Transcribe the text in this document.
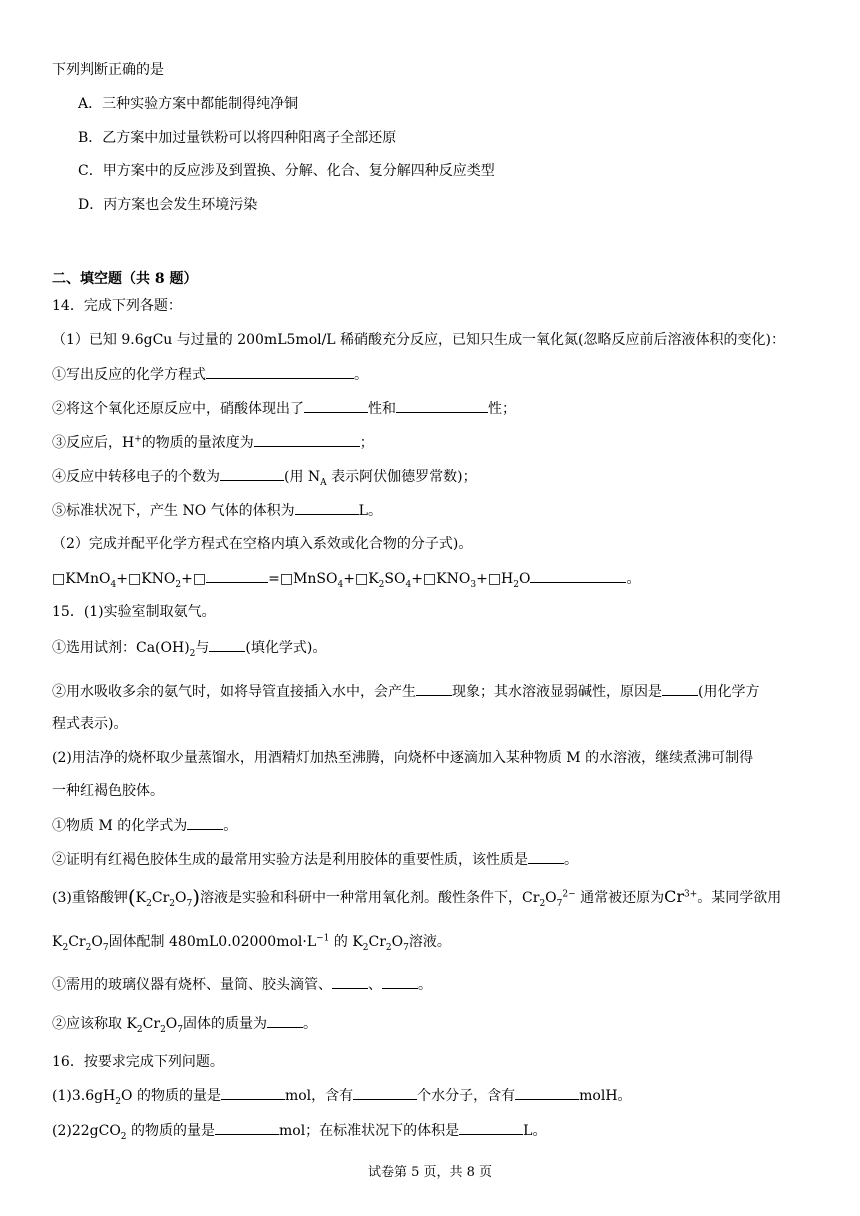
下列判断正确的是
A．三种实验方案中都能制得纯净铜
B．乙方案中加过量铁粉可以将四种阳离子全部还原
C．甲方案中的反应涉及到置换、分解、化合、复分解四种反应类型
D．丙方案也会发生环境污染
二、填空题（共 8 题）
14．完成下列各题：
（1）已知 9.6gCu 与过量的 200mL5mol/L 稀硝酸充分反应，已知只生成一氧化氮(忽略反应前后溶液体积的变化)：
①写出反应的化学方程式	。
②将这个氧化还原反应中，硝酸体现出了	性和	性；
③反应后，H+的物质的量浓度为	；
④反应中转移电子的个数为	(用 $N_A$ 表示阿伏伽德罗常数)；
⑤标准状况下，产生 NO 气体的体积为	L。
（2）完成并配平化学方程式在空格内填入系效或化合物的分子式)。
$□KMnO_4+□KNO_2+□$	$=□MnSO_4+□K_2SO_4+□KNO_3+□H_2O$	。
15．(1)实验室制取氨气。
①选用试剂：$Ca(OH)_2$与	(填化学式)。
②用水吸收多余的氨气时，如将导管直接插入水中，会产生	现象；其水溶液显弱碱性，原因是	(用化学方
程式表示)。
(2)用洁净的烧杯取少量蒸馏水，用酒精灯加热至沸腾，向烧杯中逐滴加入某种物质 M 的水溶液，继续煮沸可制得
一种红褐色胶体。
①物质 M 的化学式为	。
②证明有红褐色胶体生成的最常用实验方法是利用胶体的重要性质，该性质是	。
(3)重铬酸钾$(K_2Cr_2O_7)$溶液是实验和科研中一种常用氧化剂。酸性条件下，$Cr_2O_7^{2-}$ 通常被还原为$Cr^{3+}$。某同学欲用
$K_2Cr_2O_7$固体配制 $480mL0.02000mol\cdot L^{-1}$ 的 $K_2Cr_2O_7$溶液。
①需用的玻璃仪器有烧杯、量筒、胶头滴管、	、	。
②应该称取 $K_2Cr_2O_7$固体的质量为	。
16．按要求完成下列问题。
$(1)3.6gH_2O$ 的物质的量是	mol，含有	个水分子，含有	molH。
(2)22gCO$_2$ 的物质的量是	mol；在标准状况下的体积是	L。
试卷第 5 页，共 8 页
